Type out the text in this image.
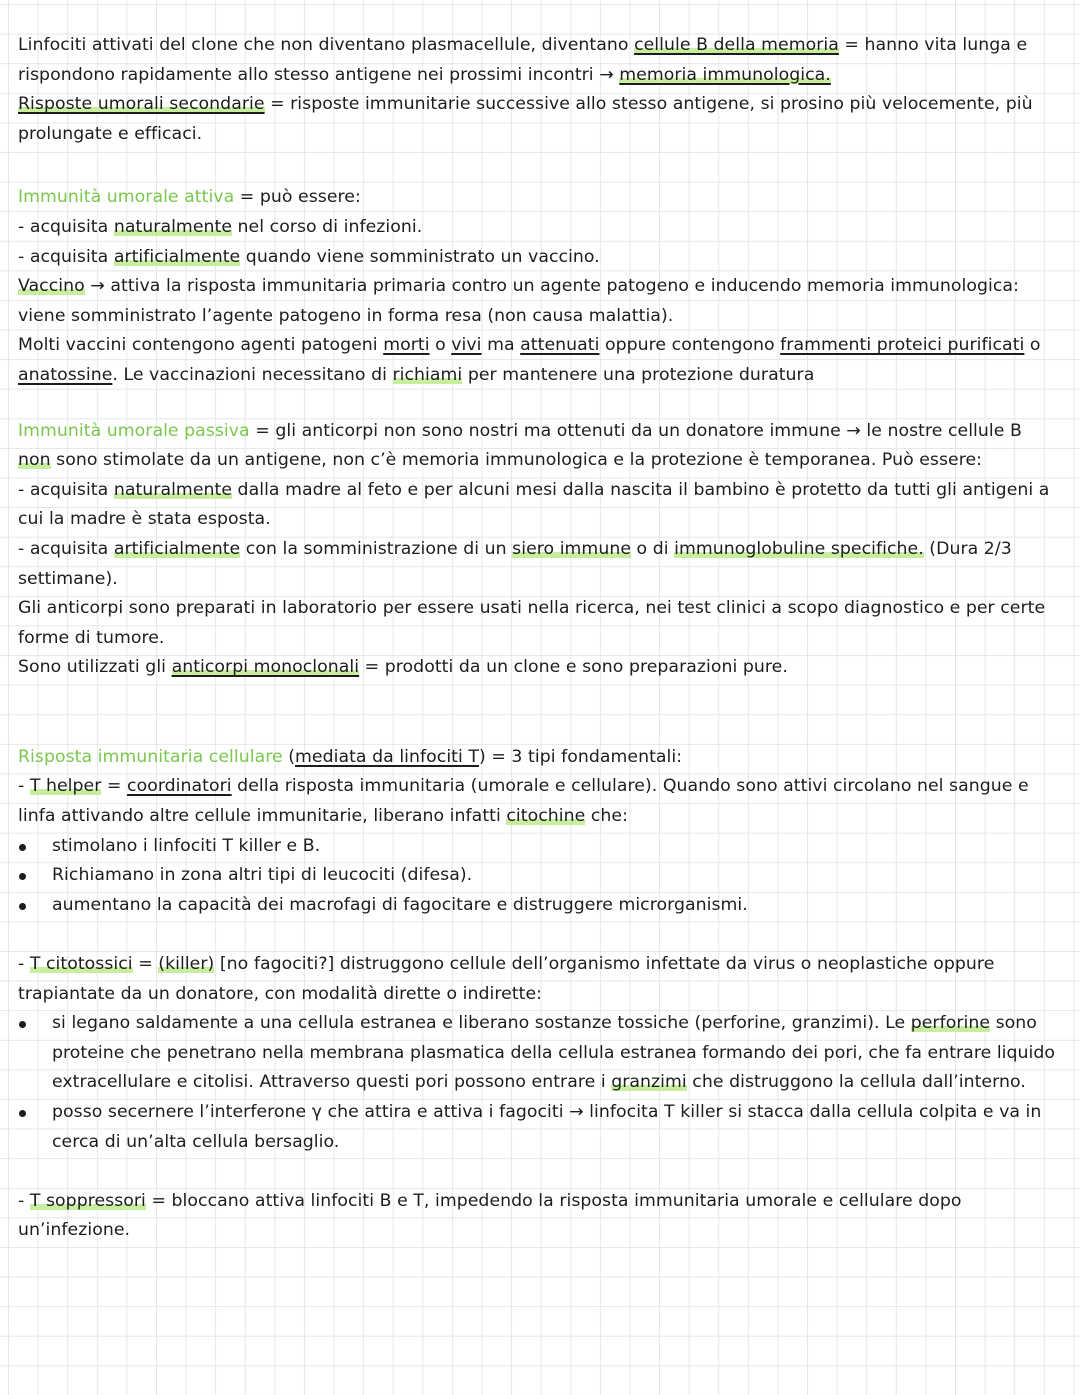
Linfociti attivati del clone che non diventano plasmacellule, diventano cellule B della memoria = hanno vita lunga e rispondono rapidamente allo stesso antigene nei prossimi incontri → memoria immunologica.

Risposte umorali secondarie = risposte immunitarie successive allo stesso antigene, si prosino più velocemente, più prolungate e efficaci.

Immunità umorale attiva = può essere:

- acquisita naturalmente nel corso di infezioni.

- acquisita artificialmente quando viene somministrato un vaccino.

Vaccino → attiva la risposta immunitaria primaria contro un agente patogeno e inducendo memoria immunologica: viene somministrato l’agente patogeno in forma resa (non causa malattia).

Molti vaccini contengono agenti patogeni morti o vivi ma attenuati oppure contengono frammenti proteici purificati o anatossine. Le vaccinazioni necessitano di richiami per mantenere una protezione duratura

Immunità umorale passiva = gli anticorpi non sono nostri ma ottenuti da un donatore immune → le nostre cellule B non sono stimolate da un antigene, non c’è memoria immunologica e la protezione è temporanea. Può essere:

- acquisita naturalmente dalla madre al feto e per alcuni mesi dalla nascita il bambino è protetto da tutti gli antigeni a cui la madre è stata esposta.

- acquisita artificialmente con la somministrazione di un siero immune o di immunoglobuline specifiche. (Dura 2/3 settimane).

Gli anticorpi sono preparati in laboratorio per essere usati nella ricerca, nei test clinici a scopo diagnostico e per certe forme di tumore.

Sono utilizzati gli anticorpi monoclonali = prodotti da un clone e sono preparazioni pure.

Risposta immunitaria cellulare (mediata da linfociti T) = 3 tipi fondamentali:

- T helper = coordinatori della risposta immunitaria (umorale e cellulare). Quando sono attivi circolano nel sangue e linfa attivando altre cellule immunitarie, liberano infatti citochine che:

stimolano i linfociti T killer e B.
Richiamano in zona altri tipi di leucociti (difesa).
aumentano la capacità dei macrofagi di fagocitare e distruggere microrganismi.

- T citotossici = (killer) [no fagociti?] distruggono cellule dell’organismo infettate da virus o neoplastiche oppure trapiantate da un donatore, con modalità dirette o indirette:

si legano saldamente a una cellula estranea e liberano sostanze tossiche (perforine, granzimi). Le perforine sono proteine che penetrano nella membrana plasmatica della cellula estranea formando dei pori, che fa entrare liquido extracellulare e citolisi. Attraverso questi pori possono entrare i granzimi che distruggono la cellula dall’interno.
posso secernere l’interferone γ che attira e attiva i fagociti → linfocita T killer si stacca dalla cellula colpita e va in cerca di un’alta cellula bersaglio.

- T soppressori = bloccano attiva linfociti B e T, impedendo la risposta immunitaria umorale e cellulare dopo un’infezione.
